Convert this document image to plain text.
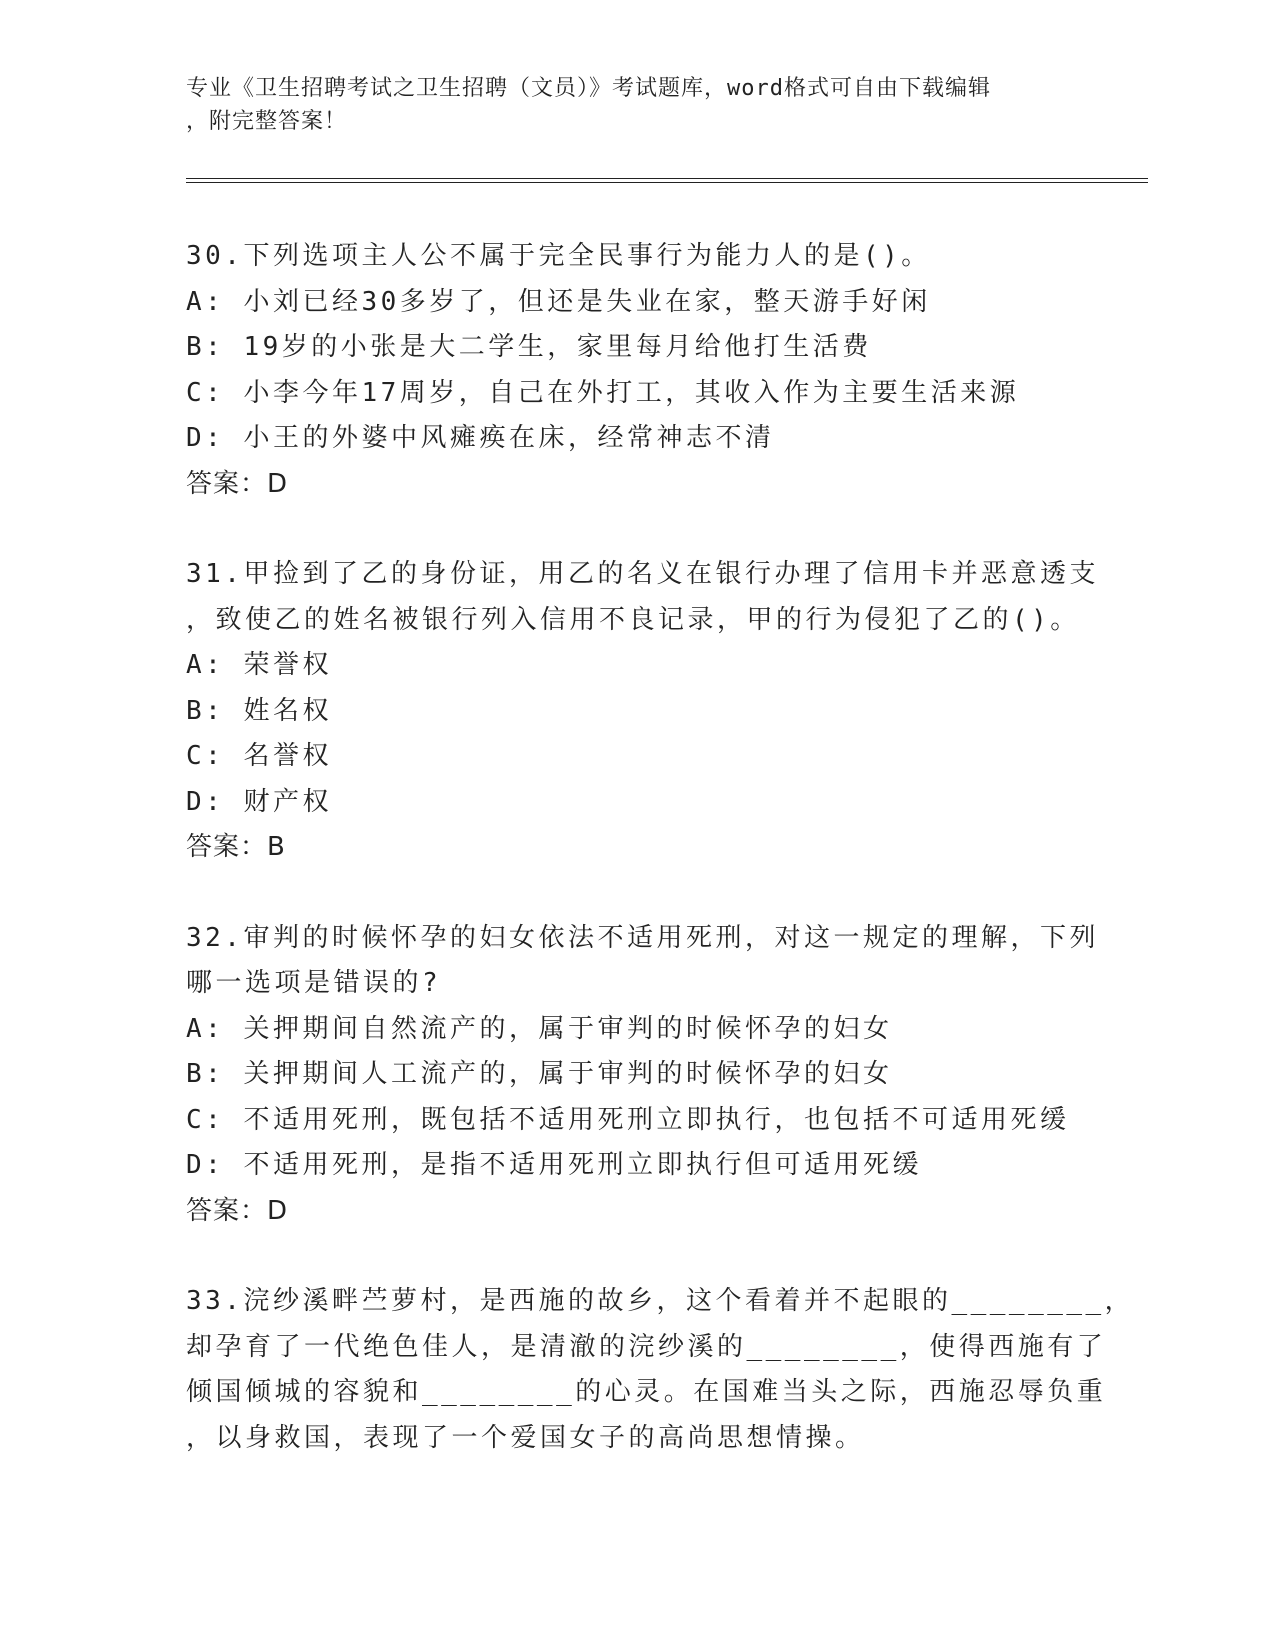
专业《卫生招聘考试之卫生招聘（文员）》考试题库，word格式可自由下载编辑
，附完整答案！
30.下列选项主人公不属于完全民事行为能力人的是()。
A: 小刘已经30多岁了，但还是失业在家，整天游手好闲
B: 19岁的小张是大二学生，家里每月给他打生活费
C: 小李今年17周岁，自己在外打工，其收入作为主要生活来源
D: 小王的外婆中风瘫痪在床，经常神志不清
答案：D
31.甲捡到了乙的身份证，用乙的名义在银行办理了信用卡并恶意透支
，致使乙的姓名被银行列入信用不良记录，甲的行为侵犯了乙的()。
A: 荣誉权
B: 姓名权
C: 名誉权
D: 财产权
答案：B
32.审判的时候怀孕的妇女依法不适用死刑，对这一规定的理解，下列
哪一选项是错误的?
A: 关押期间自然流产的，属于审判的时候怀孕的妇女
B: 关押期间人工流产的，属于审判的时候怀孕的妇女
C: 不适用死刑，既包括不适用死刑立即执行，也包括不可适用死缓
D: 不适用死刑，是指不适用死刑立即执行但可适用死缓
答案：D
33.浣纱溪畔苎萝村，是西施的故乡，这个看着并不起眼的________，
却孕育了一代绝色佳人，是清澈的浣纱溪的________，使得西施有了
倾国倾城的容貌和________的心灵。在国难当头之际，西施忍辱负重
，以身救国，表现了一个爱国女子的高尚思想情操。
